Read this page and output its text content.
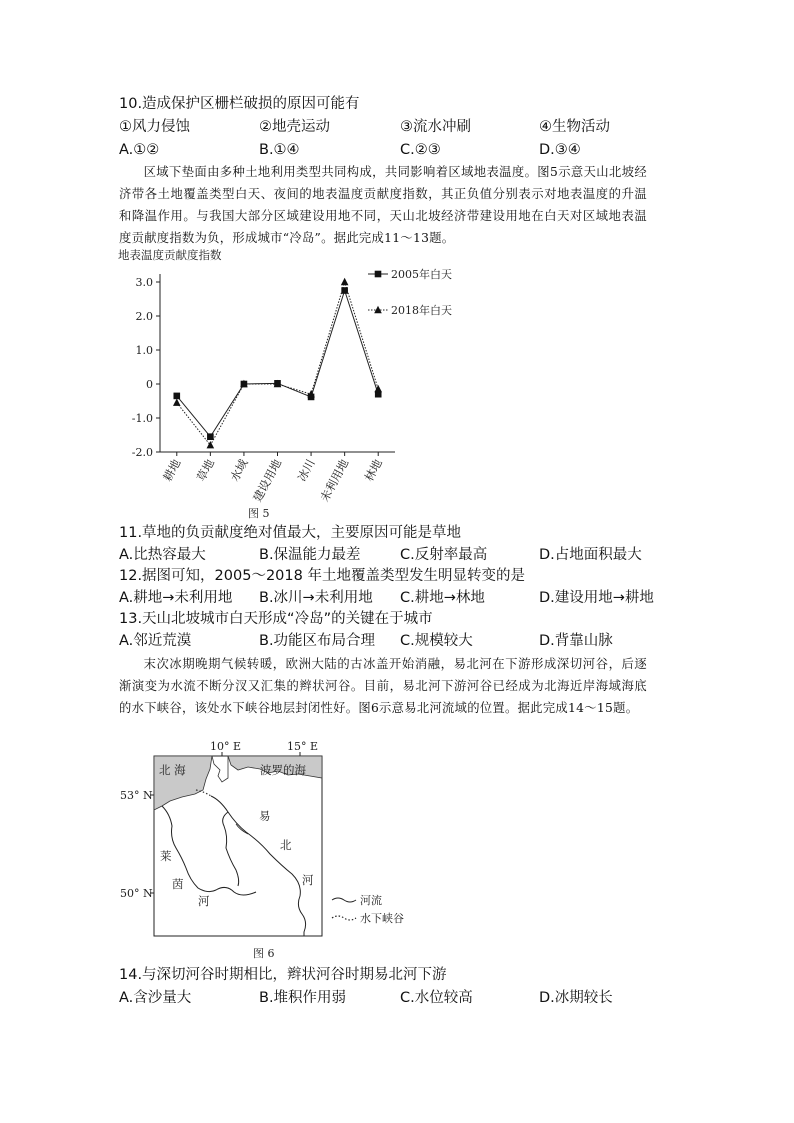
10.造成保护区栅栏破损的原因可能有
①风力侵蚀	②地壳运动	③流水冲刷	④生物活动
A.①②	B.①④	C.②③	D.③④

区域下垫面由多种土地利用类型共同构成，共同影响着区域地表温度。图5示意天山北坡经济带各土地覆盖类型白天、夜间的地表温度贡献度指数，其正负值分别表示对地表温度的升温和降温作用。与我国大部分区域建设用地不同，天山北坡经济带建设用地在白天对区域地表温度贡献度指数为负，形成城市“冷岛”。据此完成11～13题。

地表温度贡献度指数
3.0
2.0
1.0
0
-1.0
-2.0
耕地 草地 水域 建设用地 冰川 未利用地 林地
2005年白天
2018年白天
图 5
11.草地的负贡献度绝对值最大，主要原因可能是草地
A.比热容最大	B.保温能力最差	C.反射率最高	D.占地面积最大
12.据图可知，2005～2018 年土地覆盖类型发生明显转变的是
A.耕地→未利用地 B.冰川→未利用地 C.耕地→林地	D.建设用地→耕地
13.天山北坡城市白天形成“冷岛”的关键在于城市
A.邻近荒漠	B.功能区布局合理 C.规模较大	D.背靠山脉

末次冰期晚期气候转暖，欧洲大陆的古冰盖开始消融，易北河在下游形成深切河谷，后逐渐演变为水流不断分汊又汇集的辫状河谷。目前，易北河下游河谷已经成为北海近岸海域海底的水下峡谷，该处水下峡谷地层封闭性好。图6示意易北河流域的位置。据此完成14～15题。

10° E	15° E
53° N
50° N
北 海	波罗的海
易
北
河
莱
茵
河	河流
水下峡谷
图 6
14.与深切河谷时期相比，辫状河谷时期易北河下游
A.含沙量大	B.堆积作用弱	C.水位较高	D.冰期较长
